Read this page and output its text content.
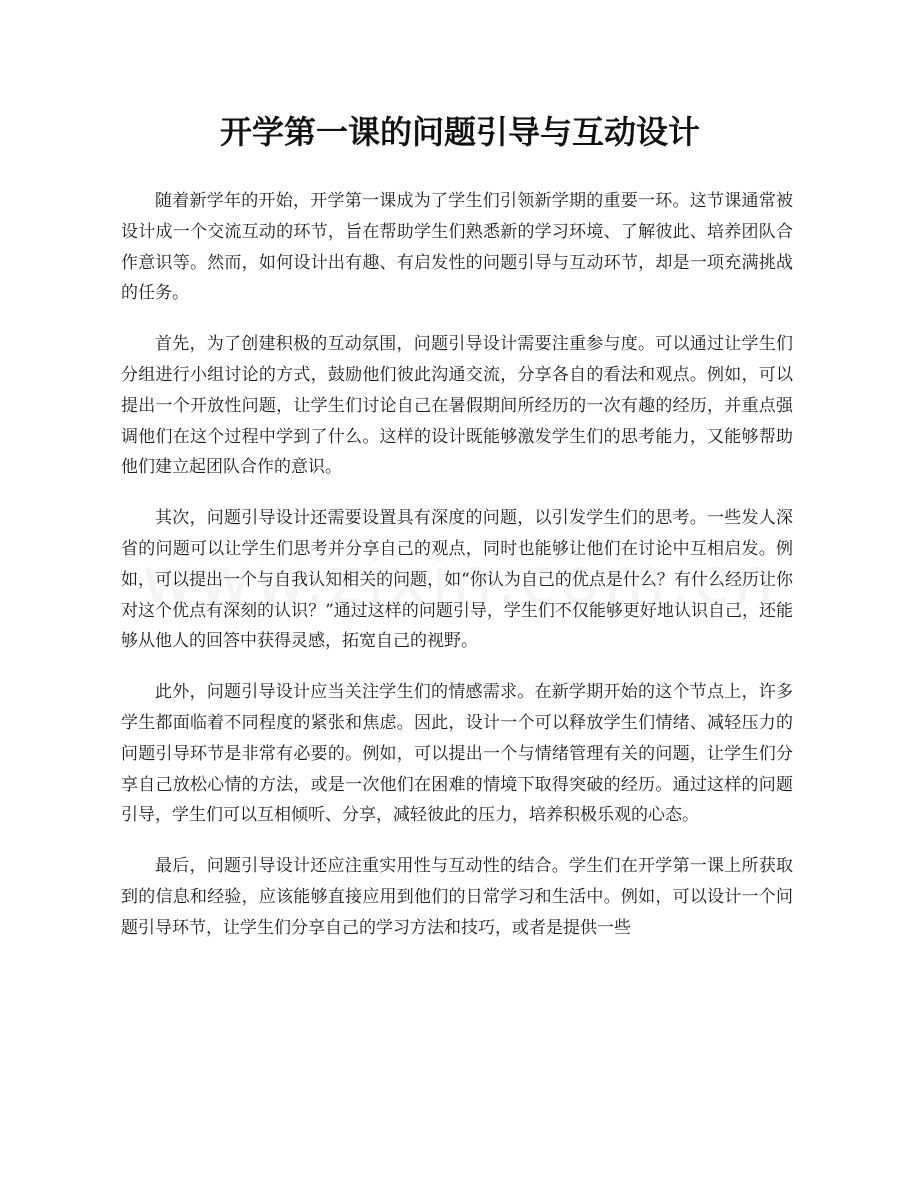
开学第一课的问题引导与互动设计

随着新学年的开始，开学第一课成为了学生们引领新学期的重要一环。这节课通常被设计成一个交流互动的环节，旨在帮助学生们熟悉新的学习环境、了解彼此、培养团队合作意识等。然而，如何设计出有趣、有启发性的问题引导与互动环节，却是一项充满挑战的任务。

首先，为了创建积极的互动氛围，问题引导设计需要注重参与度。可以通过让学生们分组进行小组讨论的方式，鼓励他们彼此沟通交流，分享各自的看法和观点。例如，可以提出一个开放性问题，让学生们讨论自己在暑假期间所经历的一次有趣的经历，并重点强调他们在这个过程中学到了什么。这样的设计既能够激发学生们的思考能力，又能够帮助他们建立起团队合作的意识。

其次，问题引导设计还需要设置具有深度的问题，以引发学生们的思考。一些发人深省的问题可以让学生们思考并分享自己的观点，同时也能够让他们在讨论中互相启发。例如，可以提出一个与自我认知相关的问题，如“你认为自己的优点是什么？有什么经历让你对这个优点有深刻的认识？”通过这样的问题引导，学生们不仅能够更好地认识自己，还能够从他人的回答中获得灵感，拓宽自己的视野。

此外，问题引导设计应当关注学生们的情感需求。在新学期开始的这个节点上，许多学生都面临着不同程度的紧张和焦虑。因此，设计一个可以释放学生们情绪、减轻压力的问题引导环节是非常有必要的。例如，可以提出一个与情绪管理有关的问题，让学生们分享自己放松心情的方法，或是一次他们在困难的情境下取得突破的经历。通过这样的问题引导，学生们可以互相倾听、分享，减轻彼此的压力，培养积极乐观的心态。

最后，问题引导设计还应注重实用性与互动性的结合。学生们在开学第一课上所获取到的信息和经验，应该能够直接应用到他们的日常学习和生活中。例如，可以设计一个问题引导环节，让学生们分享自己的学习方法和技巧，或者是提供一些
